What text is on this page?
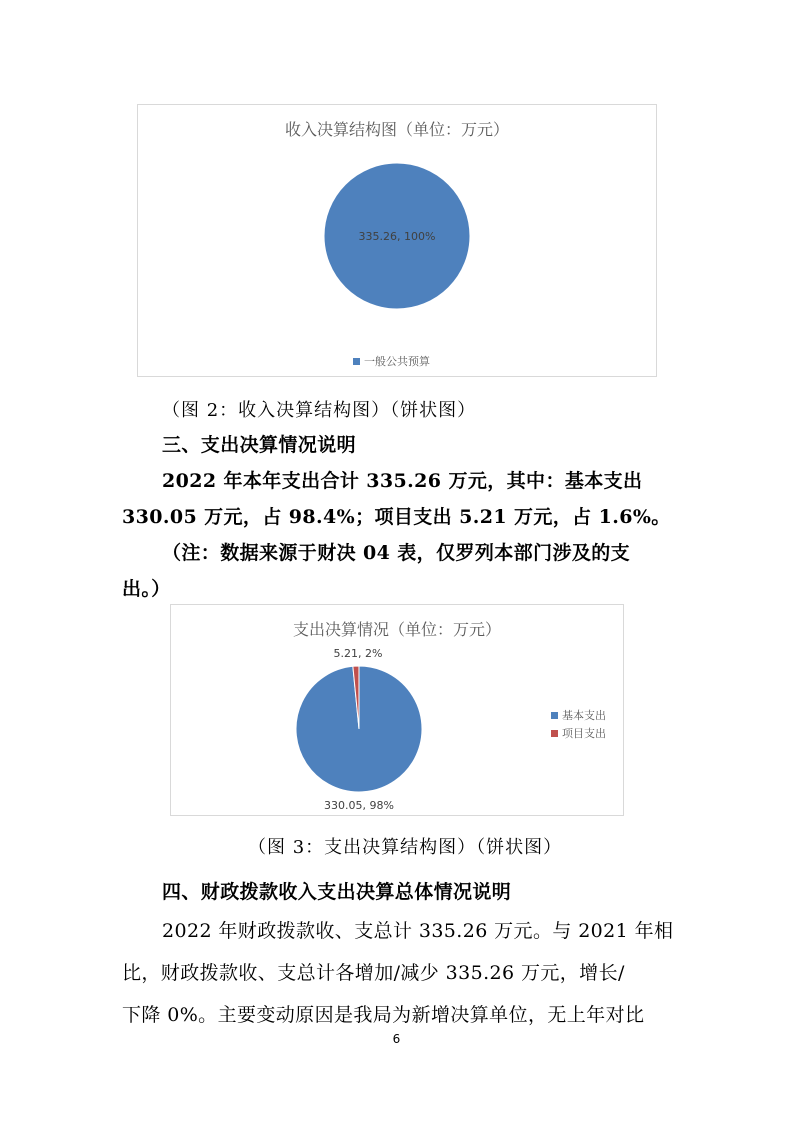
收入决算结构图（单位：万元）
335.26, 100%
一般公共预算
（图 2：收入决算结构图）（饼状图）
三、支出决算情况说明
2022 年本年支出合计 335.26 万元，其中：基本支出
330.05 万元，占 98.4%；项目支出 5.21 万元，占 1.6%。
（注：数据来源于财决 04 表，仅罗列本部门涉及的支
出。）
支出决算情况（单位：万元）
330.05, 98%
5.21, 2%
基本支出
项目支出
（图 3：支出决算结构图）（饼状图）
四、财政拨款收入支出决算总体情况说明
2022 年财政拨款收、支总计 335.26 万元。与 2021 年相
比，财政拨款收、支总计各增加/减少 335.26 万元，增长/
下降 0%。主要变动原因是我局为新增决算单位，无上年对比
6
